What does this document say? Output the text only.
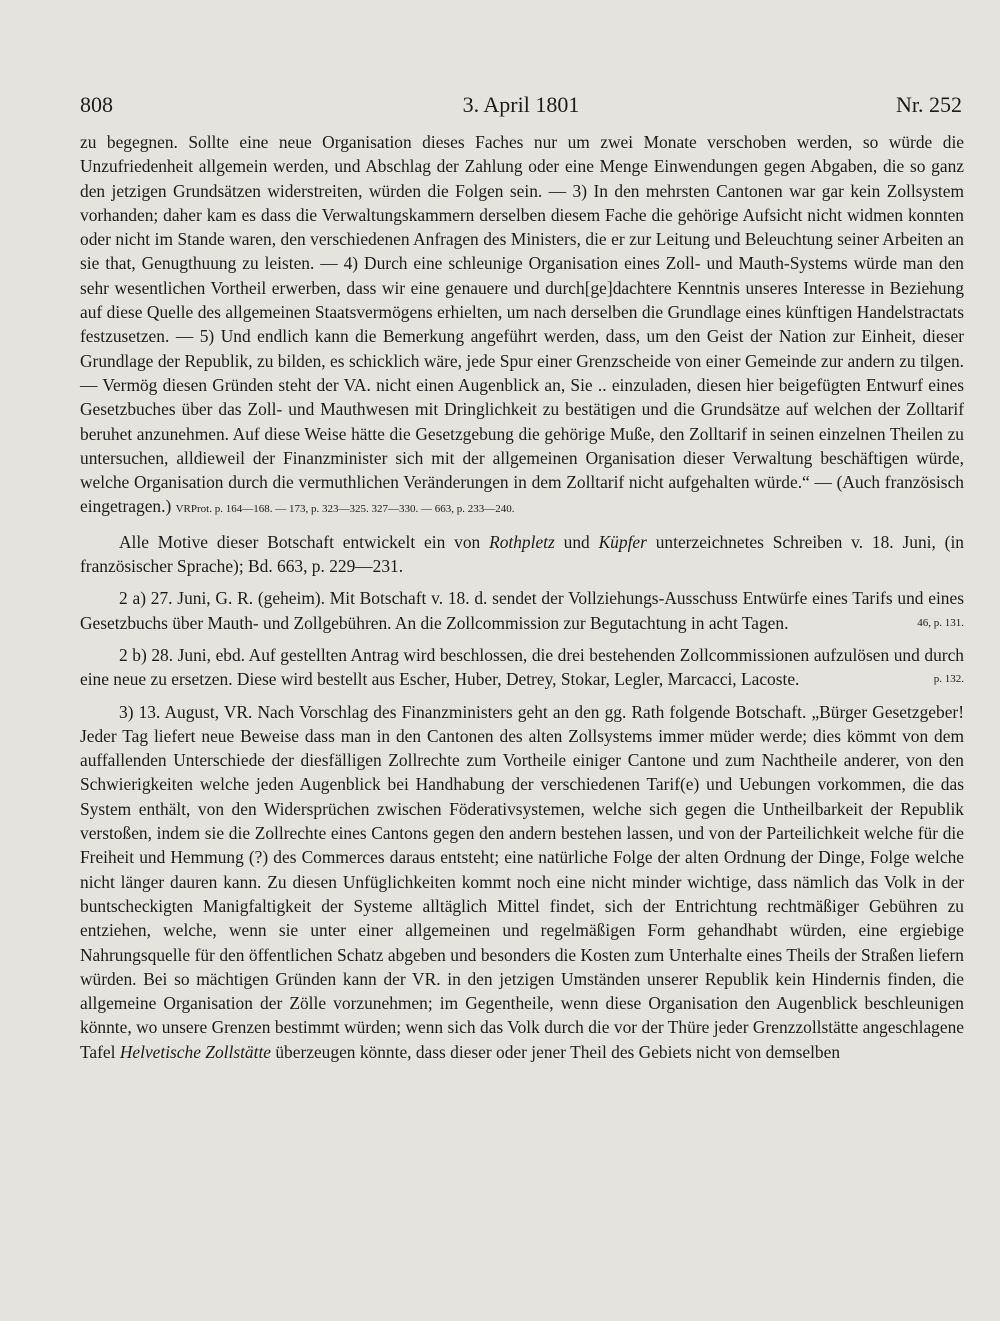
808	3. April 1801	Nr. 252

zu begegnen. Sollte eine neue Organisation dieses Faches nur um zwei Monate verschoben werden, so würde die Unzufriedenheit allgemein werden, und Abschlag der Zahlung oder eine Menge Einwendungen gegen Abgaben, die so ganz den jetzigen Grundsätzen widerstreiten, würden die Folgen sein. — 3) In den mehrsten Cantonen war gar kein Zollsystem vorhanden; daher kam es dass die Verwaltungskammern derselben diesem Fache die gehörige Aufsicht nicht widmen konnten oder nicht im Stande waren, den verschiedenen Anfragen des Ministers, die er zur Leitung und Beleuchtung seiner Arbeiten an sie that, Genugthuung zu leisten. — 4) Durch eine schleunige Organisation eines Zoll- und Mauth-Systems würde man den sehr wesentlichen Vortheil erwerben, dass wir eine genauere und durch[ge]dachtere Kenntnis unseres Interesse in Beziehung auf diese Quelle des allgemeinen Staatsvermögens erhielten, um nach derselben die Grundlage eines künftigen Handelstractats festzusetzen. — 5) Und endlich kann die Bemerkung angeführt werden, dass, um den Geist der Nation zur Einheit, dieser Grundlage der Republik, zu bilden, es schicklich wäre, jede Spur einer Grenzscheide von einer Gemeinde zur andern zu tilgen. — Vermög diesen Gründen steht der VA. nicht einen Augenblick an, Sie .. einzuladen, diesen hier beigefügten Entwurf eines Gesetzbuches über das Zoll- und Mauthwesen mit Dringlichkeit zu bestätigen und die Grundsätze auf welchen der Zolltarif beruhet anzunehmen. Auf diese Weise hätte die Gesetzgebung die gehörige Muße, den Zolltarif in seinen einzelnen Theilen zu untersuchen, alldieweil der Finanzminister sich mit der allgemeinen Organisation dieser Verwaltung beschäftigen würde, welche Organisation durch die vermuthlichen Veränderungen in dem Zolltarif nicht aufgehalten würde.“ — (Auch französisch eingetragen.) VRProt. p. 164—168. — 173, p. 323—325. 327—330. — 663, p. 233—240.

Alle Motive dieser Botschaft entwickelt ein von Rothpletz und Küpfer unterzeichnetes Schreiben v. 18. Juni, (in französischer Sprache); Bd. 663, p. 229—231.

2 a) 27. Juni, G. R. (geheim). Mit Botschaft v. 18. d. sendet der Vollziehungs-Ausschuss Entwürfe eines Tarifs und eines Gesetzbuchs über Mauth- und Zollgebühren. An die Zollcommission zur Begutachtung in acht Tagen.	46, p. 131.

2 b) 28. Juni, ebd. Auf gestellten Antrag wird beschlossen, die drei bestehenden Zollcommissionen aufzulösen und durch eine neue zu ersetzen. Diese wird bestellt aus Escher, Huber, Detrey, Stokar, Legler, Marcacci, Lacoste.	p. 132.

3) 13. August, VR. Nach Vorschlag des Finanzministers geht an den gg. Rath folgende Botschaft. „Bürger Gesetzgeber! Jeder Tag liefert neue Beweise dass man in den Cantonen des alten Zollsystems immer müder werde; dies kömmt von dem auffallenden Unterschiede der diesfälligen Zollrechte zum Vortheile einiger Cantone und zum Nachtheile anderer, von den Schwierigkeiten welche jeden Augenblick bei Handhabung der verschiedenen Tarif(e) und Uebungen vorkommen, die das System enthält, von den Widersprüchen zwischen Föderativsystemen, welche sich gegen die Untheilbarkeit der Republik verstoßen, indem sie die Zollrechte eines Cantons gegen den andern bestehen lassen, und von der Parteilichkeit welche für die Freiheit und Hemmung (?) des Commerces daraus entsteht; eine natürliche Folge der alten Ordnung der Dinge, Folge welche nicht länger dauren kann. Zu diesen Unfüglichkeiten kommt noch eine nicht minder wichtige, dass nämlich das Volk in der buntscheckigten Manigfaltigkeit der Systeme alltäglich Mittel findet, sich der Entrichtung rechtmäßiger Gebühren zu entziehen, welche, wenn sie unter einer allgemeinen und regelmäßigen Form gehandhabt würden, eine ergiebige Nahrungsquelle für den öffentlichen Schatz abgeben und besonders die Kosten zum Unterhalte eines Theils der Straßen liefern würden. Bei so mächtigen Gründen kann der VR. in den jetzigen Umständen unserer Republik kein Hindernis finden, die allgemeine Organisation der Zölle vorzunehmen; im Gegentheile, wenn diese Organisation den Augenblick beschleunigen könnte, wo unsere Grenzen bestimmt würden; wenn sich das Volk durch die vor der Thüre jeder Grenzzollstätte angeschlagene Tafel Helvetische Zollstätte überzeugen könnte, dass dieser oder jener Theil des Gebiets nicht von demselben
